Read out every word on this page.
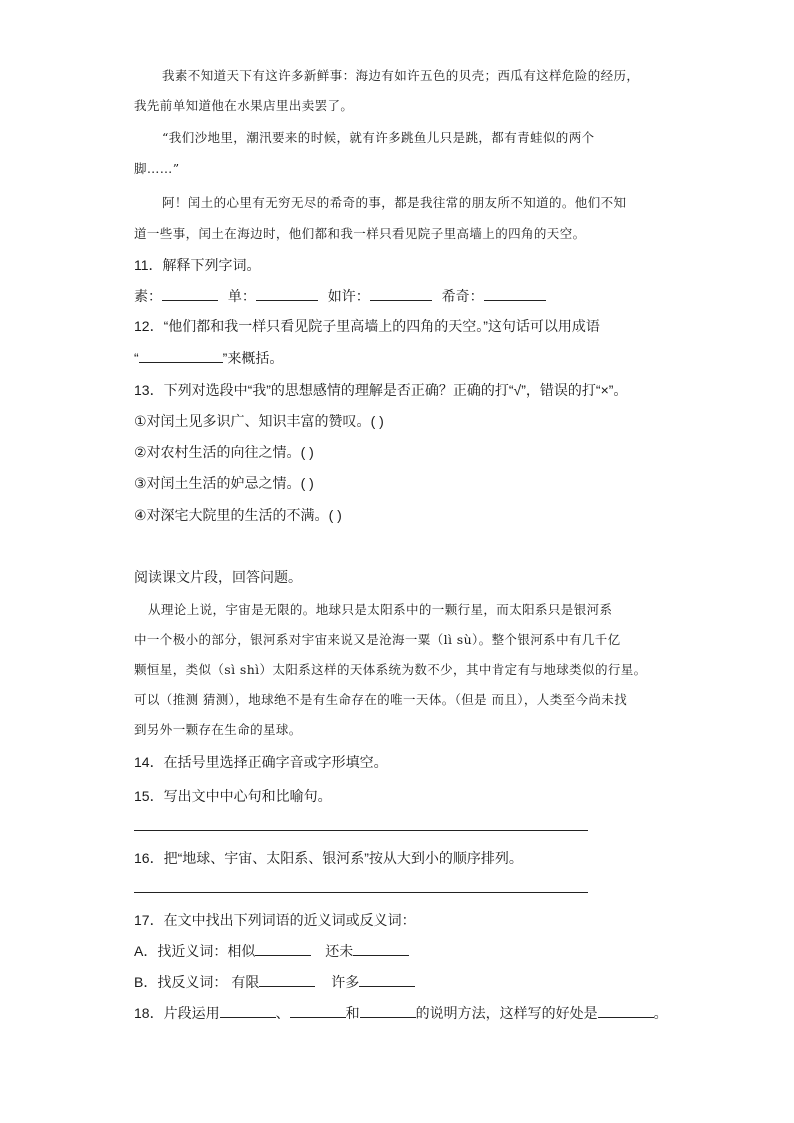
我素不知道天下有这许多新鲜事：海边有如许五色的贝壳；西瓜有这样危险的经历，
我先前单知道他在水果店里出卖罢了。
“我们沙地里，潮汛要来的时候，就有许多跳鱼儿只是跳，都有青蛙似的两个
脚……”
阿！闰土的心里有无穷无尽的希奇的事，都是我往常的朋友所不知道的。他们不知
道一些事，闰土在海边时，他们都和我一样只看见院子里高墙上的四角的天空。
11．解释下列字词。
素：	单：	如许：	希奇：
12．“他们都和我一样只看见院子里高墙上的四角的天空。”这句话可以用成语
“	”来概括。
13．下列对选段中“我”的思想感情的理解是否正确？正确的打“√”，错误的打“×”。
①对闰土见多识广、知识丰富的赞叹。( )
②对农村生活的向往之情。( )
③对闰土生活的妒忌之情。( )
④对深宅大院里的生活的不满。( )
阅读课文片段，回答问题。
从理论上说，宇宙是无限的。地球只是太阳系中的一颗行星，而太阳系只是银河系
中一个极小的部分，银河系对宇宙来说又是沧海一粟（lì sù）。整个银河系中有几千亿
颗恒星，类似（sì shì）太阳系这样的天体系统为数不少，其中肯定有与地球类似的行星。
可以（推测 猜测），地球绝不是有生命存在的唯一天体。（但是 而且），人类至今尚未找
到另外一颗存在生命的星球。
14．在括号里选择正确字音或字形填空。
15．写出文中中心句和比喻句。
16．把“地球、宇宙、太阳系、银河系”按从大到小的顺序排列。
17．在文中找出下列词语的近义词或反义词：
A．找近义词：相似	还未
B．找反义词： 有限	许多
18．片段运用	、	和	的说明方法，这样写的好处是	。
